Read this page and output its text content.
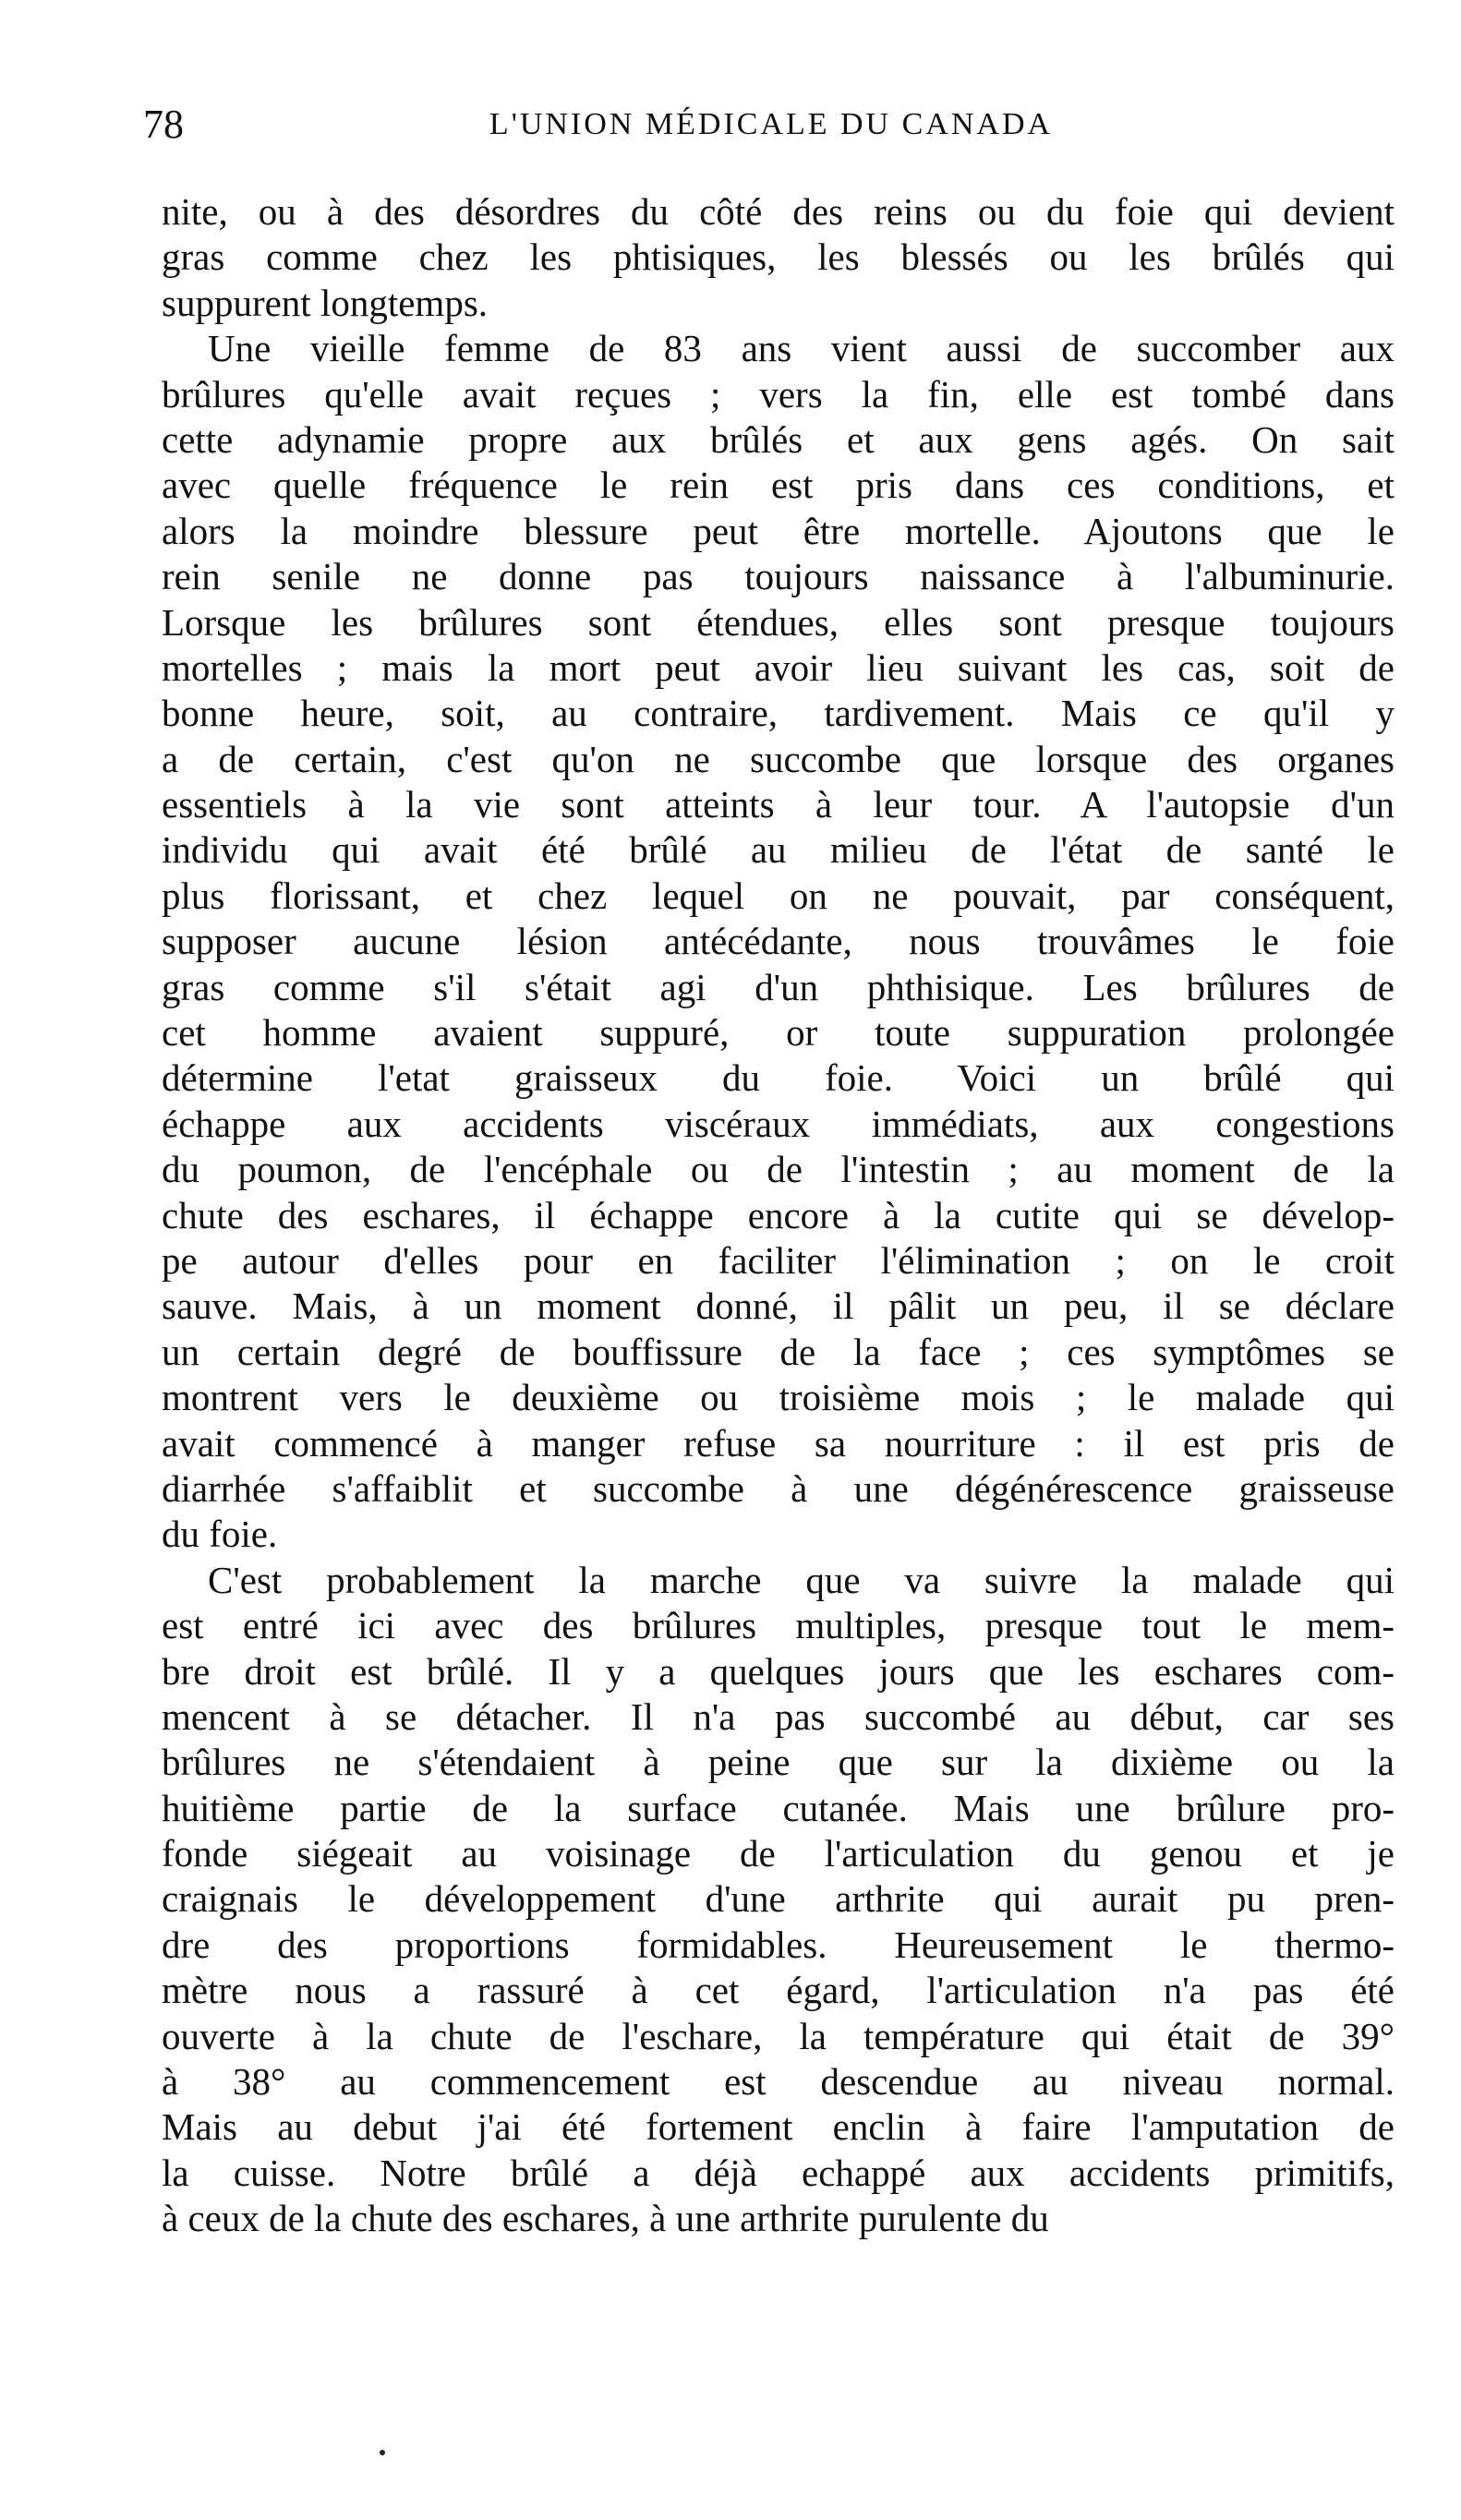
78	L'UNION MÉDICALE DU CANADA
nite, ou à des désordres du côté des reins ou du foie qui devient
gras comme chez les phtisiques, les blessés ou les brûlés qui
suppurent longtemps.
Une vieille femme de 83 ans vient aussi de succomber aux
brûlures qu'elle avait reçues ; vers la fin, elle est tombé dans
cette adynamie propre aux brûlés et aux gens agés. On sait
avec quelle fréquence le rein est pris dans ces conditions, et
alors la moindre blessure peut être mortelle. Ajoutons que le
rein senile ne donne pas toujours naissance à l'albuminurie.
Lorsque les brûlures sont étendues, elles sont presque toujours
mortelles ; mais la mort peut avoir lieu suivant les cas, soit de
bonne heure, soit, au contraire, tardivement. Mais ce qu'il y
a de certain, c'est qu'on ne succombe que lorsque des organes
essentiels à la vie sont atteints à leur tour. A l'autopsie d'un
individu qui avait été brûlé au milieu de l'état de santé le
plus florissant, et chez lequel on ne pouvait, par conséquent,
supposer aucune lésion antécédante, nous trouvâmes le foie
gras comme s'il s'était agi d'un phthisique. Les brûlures de
cet homme avaient suppuré, or toute suppuration prolongée
détermine l'etat graisseux du foie. Voici un brûlé qui
échappe aux accidents viscéraux immédiats, aux congestions
du poumon, de l'encéphale ou de l'intestin ; au moment de la
chute des eschares, il échappe encore à la cutite qui se dévelop-
pe autour d'elles pour en faciliter l'élimination ; on le croit
sauve. Mais, à un moment donné, il pâlit un peu, il se déclare
un certain degré de bouffissure de la face ; ces symptômes se
montrent vers le deuxième ou troisième mois ; le malade qui
avait commencé à manger refuse sa nourriture : il est pris de
diarrhée s'affaiblit et succombe à une dégénérescence graisseuse
du foie.
C'est probablement la marche que va suivre la malade qui
est entré ici avec des brûlures multiples, presque tout le mem-
bre droit est brûlé. Il y a quelques jours que les eschares com-
mencent à se détacher. Il n'a pas succombé au début, car ses
brûlures ne s'étendaient à peine que sur la dixième ou la
huitième partie de la surface cutanée. Mais une brûlure pro-
fonde siégeait au voisinage de l'articulation du genou et je
craignais le développement d'une arthrite qui aurait pu pren-
dre des proportions formidables. Heureusement le thermo-
mètre nous a rassuré à cet égard, l'articulation n'a pas été
ouverte à la chute de l'eschare, la température qui était de 39°
à 38° au commencement est descendue au niveau normal.
Mais au debut j'ai été fortement enclin à faire l'amputation de
la cuisse. Notre brûlé a déjà echappé aux accidents primitifs,
à ceux de la chute des eschares, à une arthrite purulente du
